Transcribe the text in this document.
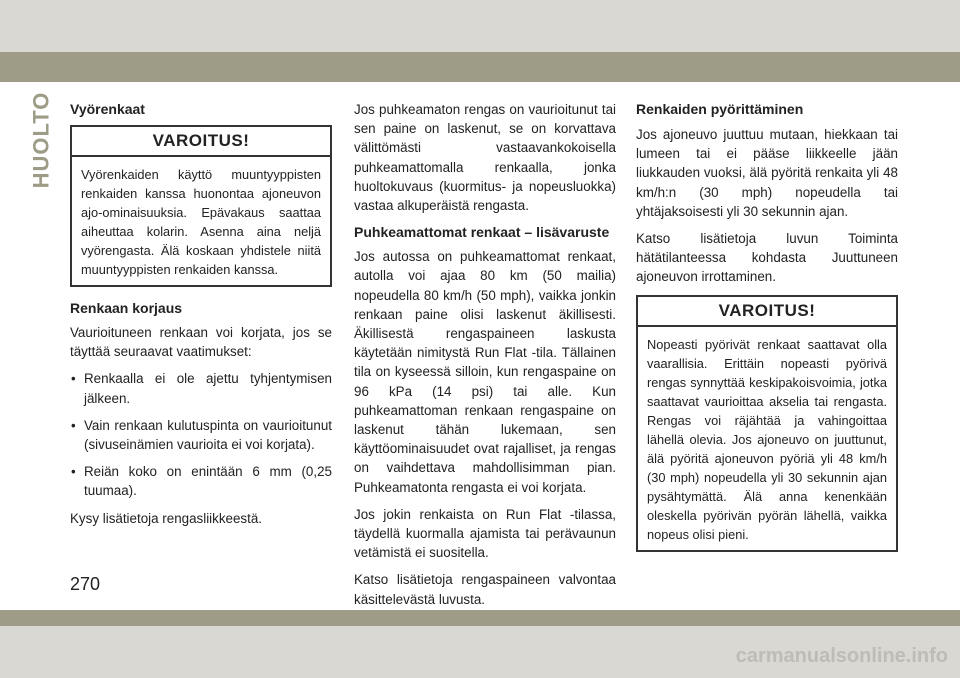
HUOLTO Vyörenkaat
VAROITUS!
Vyörenkaiden käyttö muuntyyppisten renkaiden kanssa huonontaa ajoneuvon ajo-ominaisuuksia. Epävakaus saattaa aiheuttaa kolarin. Asenna aina neljä vyörengasta. Älä koskaan yhdistele niitä muuntyyppisten renkaiden kanssa.
Renkaan korjaus

Vaurioituneen renkaan voi korjata, jos se täyttää seuraavat vaatimukset:

• Renkaalla ei ole ajettu tyhjentymisen jälkeen.
• Vain renkaan kulutuspinta on vaurioitunut (sivuseinämien vaurioita ei voi korjata).
• Reiän koko on enintään 6 mm (0,25 tuumaa).

Kysy lisätietoja rengasliikkeestä.

Jos puhkeamaton rengas on vaurioitunut tai sen paine on laskenut, se on korvattava välittömästi vastaavankokoisella puhkeamattomalla renkaalla, jonka huoltokuvaus (kuormitus- ja nopeusluokka) vastaa alkuperäistä rengasta.

Puhkeamattomat renkaat – lisävaruste

Jos autossa on puhkeamattomat renkaat, autolla voi ajaa 80 km (50 mailia) nopeudella 80 km/h (50 mph), vaikka jonkin renkaan paine olisi laskenut äkillisesti. Äkillisestä rengaspaineen laskusta käytetään nimitystä Run Flat -tila. Tällainen tila on kyseessä silloin, kun rengaspaine on 96 kPa (14 psi) tai alle. Kun puhkeamattoman renkaan rengaspaine on laskenut tähän lukemaan, sen käyttöominaisuudet ovat rajalliset, ja rengas on vaihdettava mahdollisimman pian. Puhkeamatonta rengasta ei voi korjata.

Jos jokin renkaista on Run Flat -tilassa, täydellä kuormalla ajamista tai perävaunun vetämistä ei suositella.

Katso lisätietoja rengaspaineen valvontaa käsittelevästä luvusta.

Renkaiden pyörittäminen

Jos ajoneuvo juuttuu mutaan, hiekkaan tai lumeen tai ei pääse liikkeelle jään liukkauden vuoksi, älä pyöritä renkaita yli 48 km/h:n (30 mph) nopeudella tai yhtäjaksoisesti yli 30 sekunnin ajan.

Katso lisätietoja luvun Toiminta hätätilanteessa kohdasta Juuttuneen ajoneuvon irrottaminen.

VAROITUS!
Nopeasti pyörivät renkaat saattavat olla vaarallisia. Erittäin nopeasti pyörivä rengas synnyttää keskipakoisvoimia, jotka saattavat vaurioittaa akselia tai rengasta. Rengas voi räjähtää ja vahingoittaa lähellä olevia. Jos ajoneuvo on juuttunut, älä pyöritä ajoneuvon pyöriä yli 48 km/h (30 mph) nopeudella yli 30 sekunnin ajan pysähtymättä. Älä anna kenenkään oleskella pyörivän pyörän lähellä, vaikka nopeus olisi pieni.
270
carmanualsonline.info
